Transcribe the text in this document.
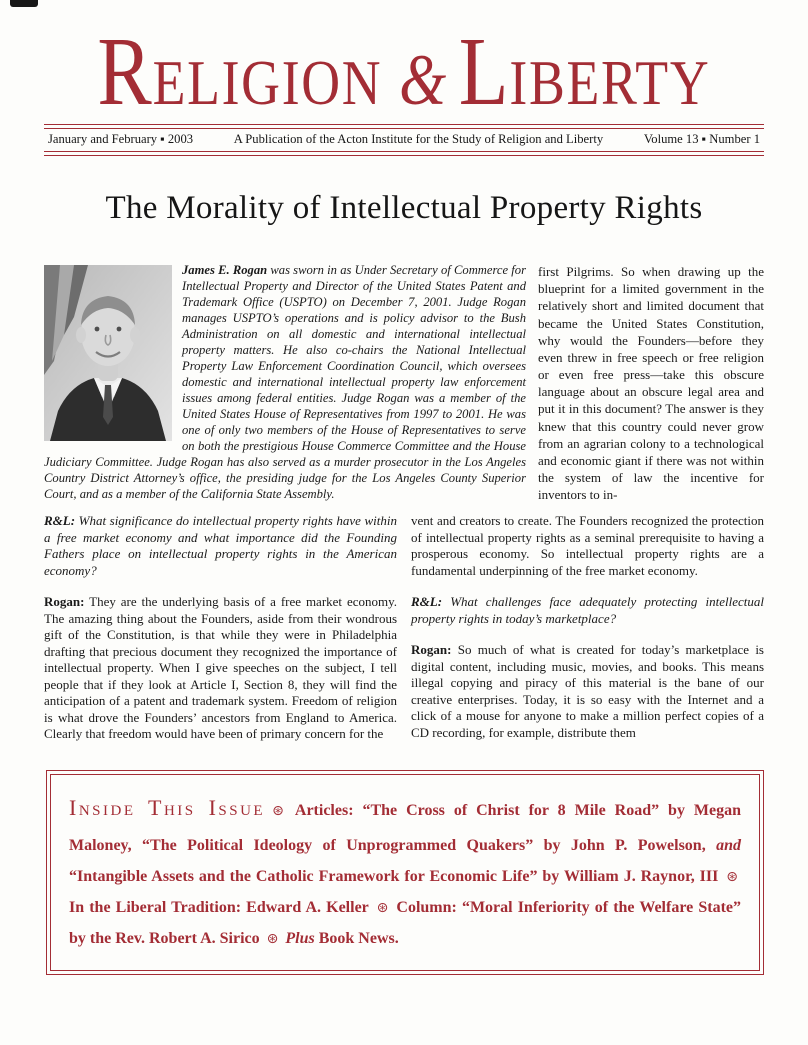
RELIGION & LIBERTY
January and February ▪ 2003	A Publication of the Acton Institute for the Study of Religion and Liberty	Volume 13 ▪ Number 1
The Morality of Intellectual Property Rights
James E. Rogan was sworn in as Under Secretary of Commerce for Intellectual Property and Director of the United States Patent and Trademark Office (USPTO) on December 7, 2001. Judge Rogan manages USPTO’s operations and is policy advisor to the Bush Administration on all domestic and international intellectual property matters. He also co-chairs the National Intellectual Property Law Enforcement Coordination Council, which oversees domestic and international intellectual property law enforcement issues among federal entities. Judge Rogan was a member of the United States House of Representatives from 1997 to 2001. He was one of only two members of the House of Representatives to serve on both the prestigious House Commerce Committee and the House Judiciary Committee. Judge Rogan has also served as a murder prosecutor in the Los Angeles Country District Attorney’s office, the presiding judge for the Los Angeles County Superior Court, and as a member of the California State Assembly.
first Pilgrims. So when drawing up the blueprint for a limited government in the relatively short and limited document that became the United States Constitution, why would the Founders—before they even threw in free speech or free religion or even free press—take this obscure language about an obscure legal area and put it in this document? The answer is they knew that this country could never grow from an agrarian colony to a technological and economic giant if there was not within the system of law the incentive for inventors to in-

R&L: What significance do intellectual property rights have within a free market economy and what importance did the Founding Fathers place on intellectual property rights in the American economy?

Rogan: They are the underlying basis of a free market economy. The amazing thing about the Founders, aside from their wondrous gift of the Constitution, is that while they were in Philadelphia drafting that precious document they recognized the importance of intellectual property. When I give speeches on the subject, I tell people that if they look at Article I, Section 8, they will find the anticipation of a patent and trademark system. Freedom of religion is what drove the Founders’ ancestors from England to America. Clearly that freedom would have been of primary concern for the

vent and creators to create. The Founders recognized the protection of intellectual property rights as a seminal prerequisite to having a prosperous economy. So intellectual property rights are a fundamental underpinning of the free market economy.

R&L: What challenges face adequately protecting intellectual property rights in today’s marketplace?

Rogan: So much of what is created for today’s marketplace is digital content, including music, movies, and books. This means illegal copying and piracy of this material is the bane of our creative enterprises. Today, it is so easy with the Internet and a click of a mouse for anyone to make a million perfect copies of a CD recording, for example, distribute them

Inside This Issue ⊛ Articles: “The Cross of Christ for 8 Mile Road” by Megan Maloney, “The Political Ideology of Unprogrammed Quakers” by John P. Powelson, and “Intangible Assets and the Catholic Framework for Economic Life” by William J. Raynor, III ⊛ In the Liberal Tradition: Edward A. Keller ⊛ Column: “Moral Inferiority of the Welfare State” by the Rev. Robert A. Sirico ⊛ Plus Book News.
